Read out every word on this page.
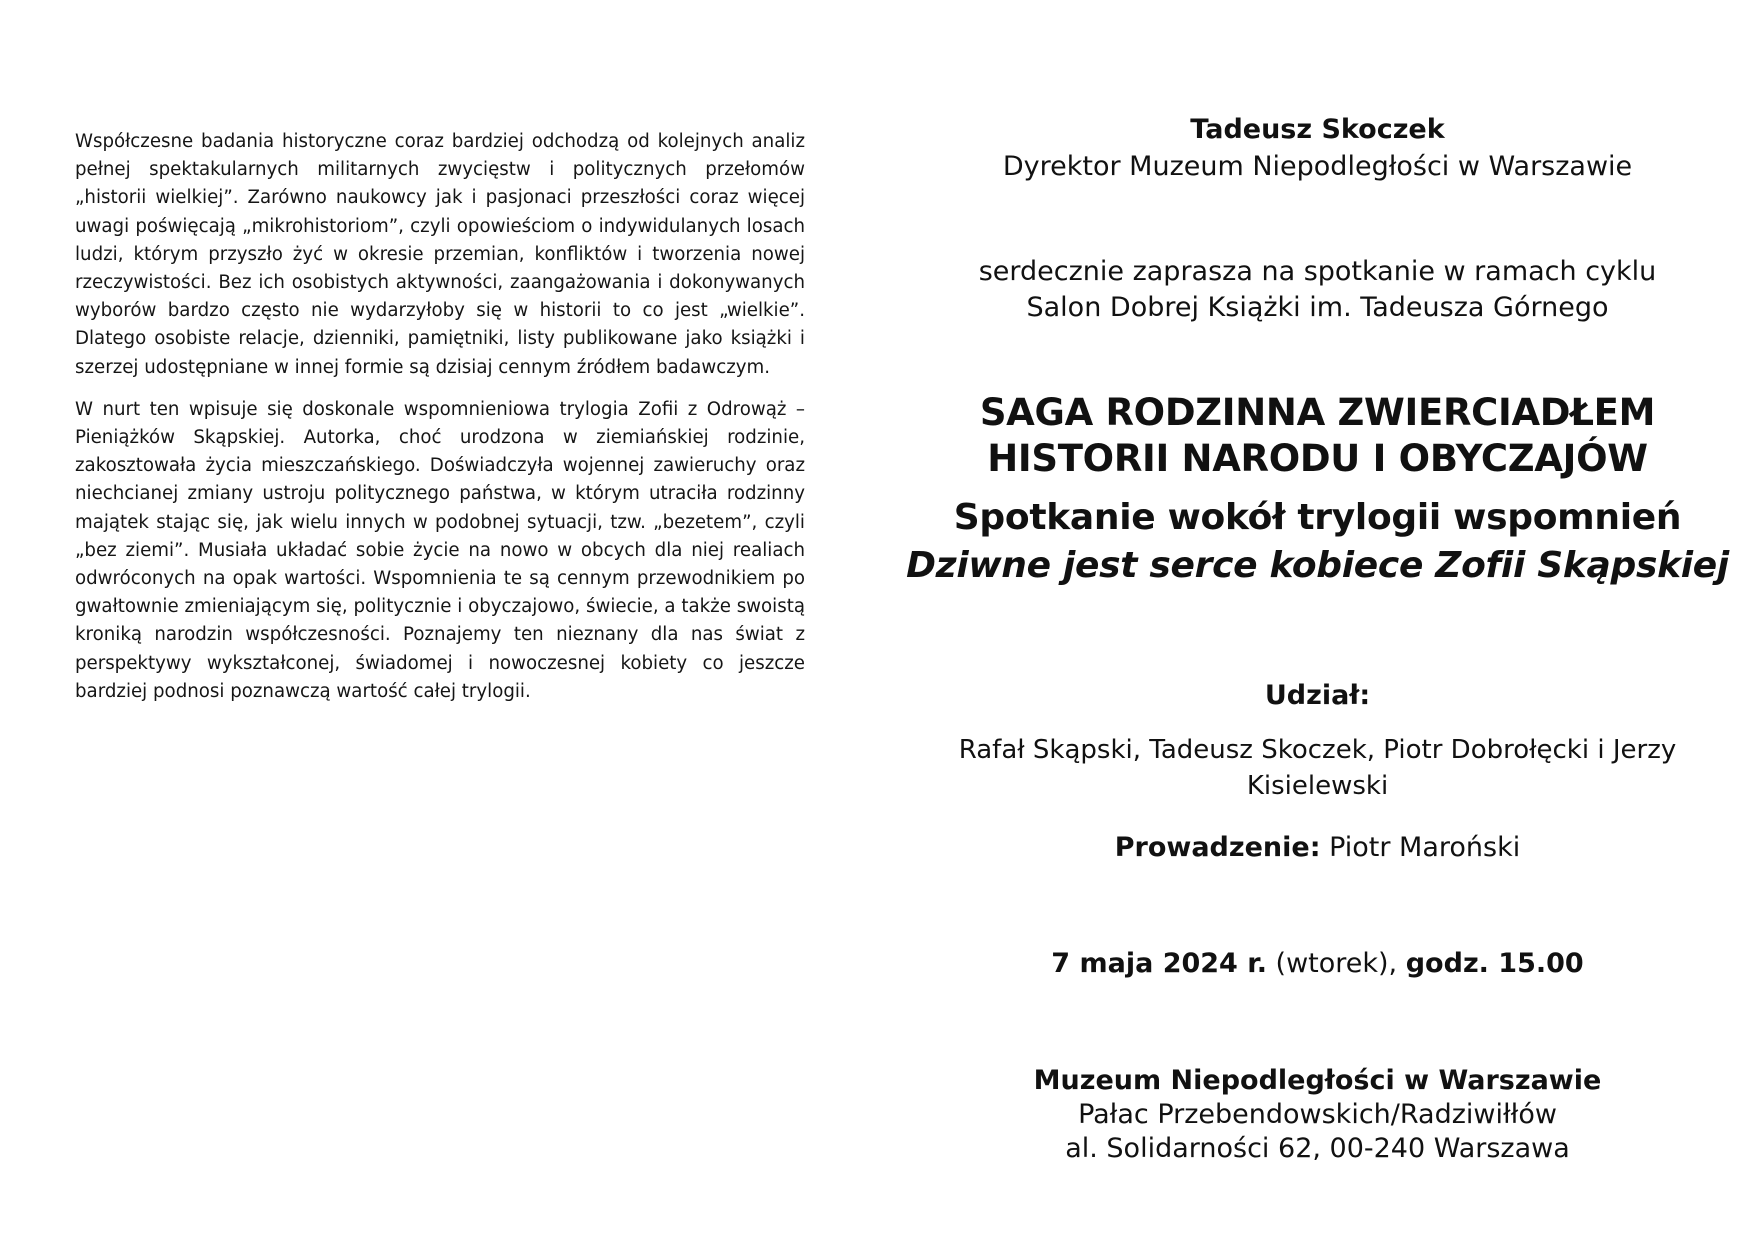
Współczesne badania historyczne coraz bardziej odchodzą od kolejnych analiz pełnej spektakularnych militarnych zwycięstw i politycznych przełomów „historii wielkiej”. Zarówno naukowcy jak i pasjonaci przeszłości coraz więcej uwagi poświęcają „mikrohistoriom”, czyli opowieściom o indywidulanych losach ludzi, którym przyszło żyć w okresie przemian, konfliktów i tworzenia nowej rzeczywistości. Bez ich osobistych aktywności, zaangażowania i dokonywanych wyborów bardzo często nie wydarzyłoby się w historii to co jest „wielkie”. Dlatego osobiste relacje, dzienniki, pamiętniki, listy publikowane jako książki i szerzej udostępniane w innej formie są dzisiaj cennym źródłem badawczym.

W nurt ten wpisuje się doskonale wspomnieniowa trylogia Zofii z Odrowąż – Pieniążków Skąpskiej. Autorka, choć urodzona w ziemiańskiej rodzinie, zakosztowała życia mieszczańskiego. Doświadczyła wojennej zawieruchy oraz niechcianej zmiany ustroju politycznego państwa, w którym utraciła rodzinny majątek stając się, jak wielu innych w podobnej sytuacji, tzw. „bezetem”, czyli „bez ziemi”. Musiała układać sobie życie na nowo w obcych dla niej realiach odwróconych na opak wartości. Wspomnienia te są cennym przewodnikiem po gwałtownie zmieniającym się, politycznie i obyczajowo, świecie, a także swoistą kroniką narodzin współczesności. Poznajemy ten nieznany dla nas świat z perspektywy wykształconej, świadomej i nowoczesnej kobiety co jeszcze bardziej podnosi poznawczą wartość całej trylogii.

Tadeusz Skoczek
Dyrektor Muzeum Niepodległości w Warszawie
serdecznie zaprasza na spotkanie w ramach cyklu
Salon Dobrej Książki im. Tadeusza Górnego
SAGA RODZINNA ZWIERCIADŁEM
HISTORII NARODU I OBYCZAJÓW
Spotkanie wokół trylogii wspomnień
Dziwne jest serce kobiece Zofii Skąpskiej
Udział:
Rafał Skąpski, Tadeusz Skoczek, Piotr Dobrołęcki i Jerzy Kisielewski
Prowadzenie: Piotr Maroński
7 maja 2024 r. (wtorek), godz. 15.00
Muzeum Niepodległości w Warszawie
Pałac Przebendowskich/Radziwiłłów
al. Solidarności 62, 00-240 Warszawa
